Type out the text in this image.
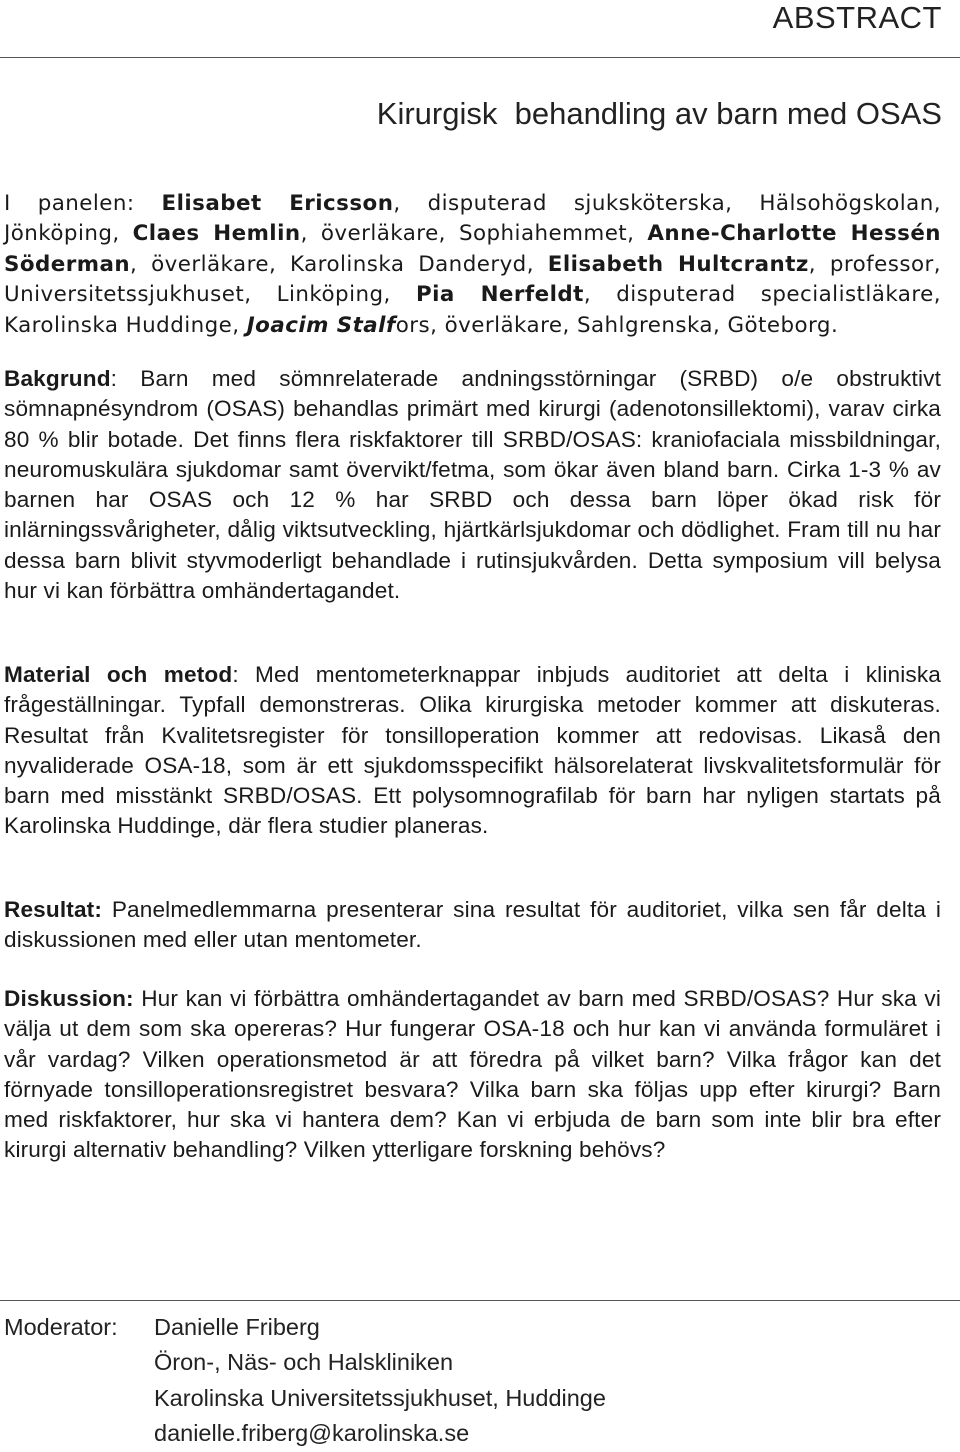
ABSTRACT
Kirurgisk  behandling av barn med OSAS
I panelen: Elisabet Ericsson, disputerad sjuksköterska, Hälsohögskolan, Jönköping, Claes Hemlin, överläkare, Sophiahemmet, Anne-Charlotte Hessén Söderman, överläkare, Karolinska Danderyd, Elisabeth Hultcrantz, professor, Universitetssjukhuset, Linköping, Pia Nerfeldt, disputerad specialistläkare, Karolinska Huddinge, Joacim Stalfors, överläkare, Sahlgrenska, Göteborg.
Bakgrund: Barn med sömnrelaterade andningsstörningar (SRBD) o/e obstruktivt sömnapnésyndrom (OSAS) behandlas primärt med kirurgi (adenotonsillektomi), varav cirka 80 % blir botade. Det finns flera riskfaktorer till SRBD/OSAS: kraniofaciala missbildningar, neuromuskulära sjukdomar samt övervikt/fetma, som ökar även bland barn. Cirka 1-3 % av barnen har OSAS och 12 % har SRBD och dessa barn löper ökad risk för inlärningssvårigheter, dålig viktsutveckling, hjärtkärlsjukdomar och dödlighet. Fram till nu har dessa barn blivit styvmoderligt behandlade i rutinsjukvården. Detta symposium vill belysa hur vi kan förbättra omhändertagandet.
Material och metod: Med mentometerknappar inbjuds auditoriet att delta i kliniska frågeställningar. Typfall demonstreras. Olika kirurgiska metoder kommer att diskuteras. Resultat från Kvalitetsregister för tonsilloperation kommer att redovisas. Likaså den nyvaliderade OSA-18, som är ett sjukdomsspecifikt hälsorelaterat livskvalitetsformulär för barn med misstänkt SRBD/OSAS. Ett polysomnografilab för barn har nyligen startats på Karolinska Huddinge, där flera studier planeras.
Resultat: Panelmedlemmarna presenterar sina resultat för auditoriet, vilka sen får delta i diskussionen med eller utan mentometer.
Diskussion: Hur kan vi förbättra omhändertagandet av barn med SRBD/OSAS? Hur ska vi välja ut dem som ska opereras? Hur fungerar OSA-18 och hur kan vi använda formuläret i vår vardag? Vilken operationsmetod är att föredra på vilket barn? Vilka frågor kan det förnyade tonsilloperationsregistret besvara? Vilka barn ska följas upp efter kirurgi? Barn med riskfaktorer, hur ska vi hantera dem? Kan vi erbjuda de barn som inte blir bra efter kirurgi alternativ behandling? Vilken ytterligare forskning behövs?
Moderator: Danielle Friberg
Öron-, Näs- och Halskliniken
Karolinska Universitetssjukhuset, Huddinge
danielle.friberg@karolinska.se
